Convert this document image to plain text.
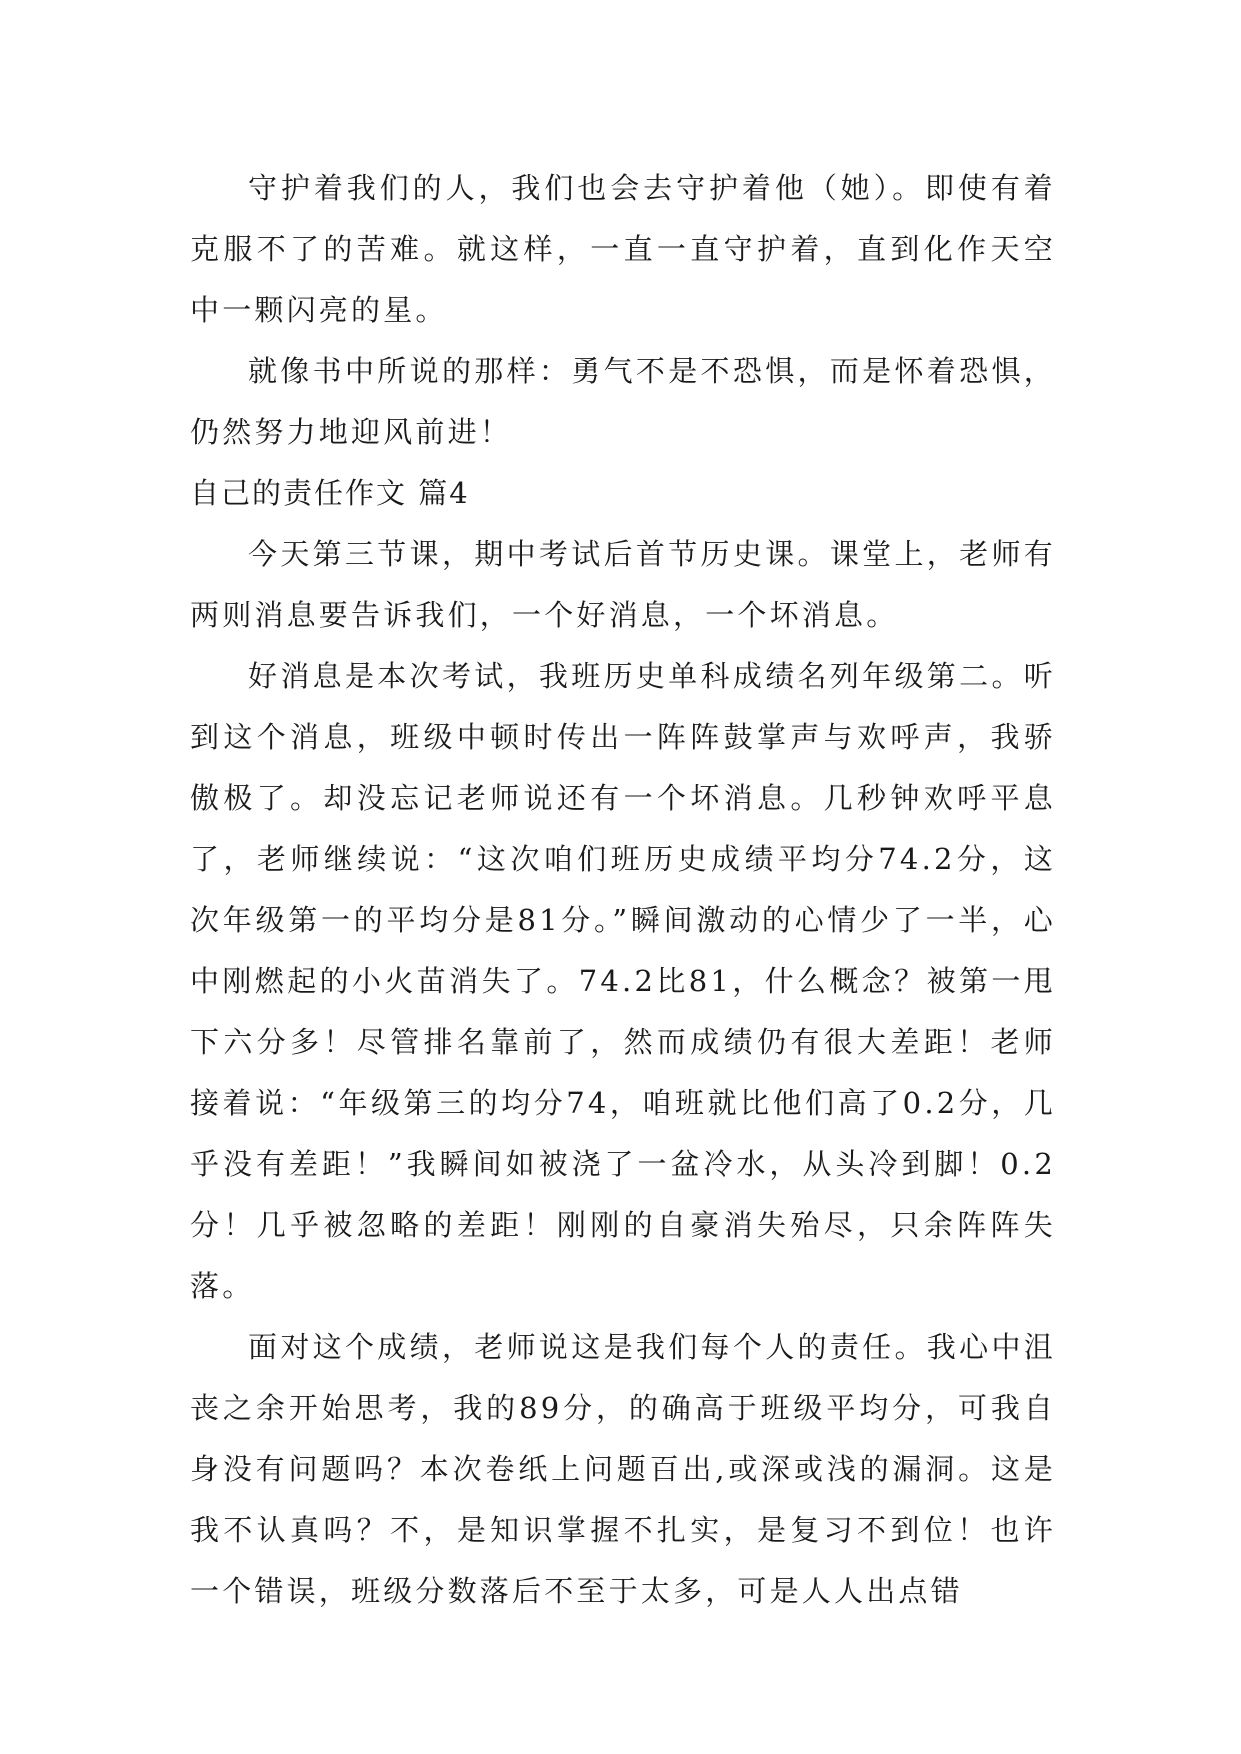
守护着我们的人，我们也会去守护着他（她）。即使有着克服不了的苦难。就这样，一直一直守护着，直到化作天空中一颗闪亮的星。

就像书中所说的那样：勇气不是不恐惧，而是怀着恐惧，仍然努力地迎风前进！

自己的责任作文 篇4

今天第三节课，期中考试后首节历史课。课堂上，老师有两则消息要告诉我们，一个好消息，一个坏消息。

好消息是本次考试，我班历史单科成绩名列年级第二。听到这个消息，班级中顿时传出一阵阵鼓掌声与欢呼声，我骄傲极了。却没忘记老师说还有一个坏消息。几秒钟欢呼平息了，老师继续说：“这次咱们班历史成绩平均分74.2分，这次年级第一的平均分是81分。”瞬间激动的心情少了一半，心中刚燃起的小火苗消失了。74.2比81，什么概念？被第一甩下六分多！尽管排名靠前了，然而成绩仍有很大差距！老师接着说：“年级第三的均分74，咱班就比他们高了0.2分，几乎没有差距！”我瞬间如被浇了一盆冷水，从头冷到脚！0.2分！几乎被忽略的差距！刚刚的自豪消失殆尽，只余阵阵失落。

面对这个成绩，老师说这是我们每个人的责任。我心中沮丧之余开始思考，我的89分，的确高于班级平均分，可我自身没有问题吗？本次卷纸上问题百出,或深或浅的漏洞。这是我不认真吗？不，是知识掌握不扎实，是复习不到位！也许一个错误，班级分数落后不至于太多，可是人人出点错
